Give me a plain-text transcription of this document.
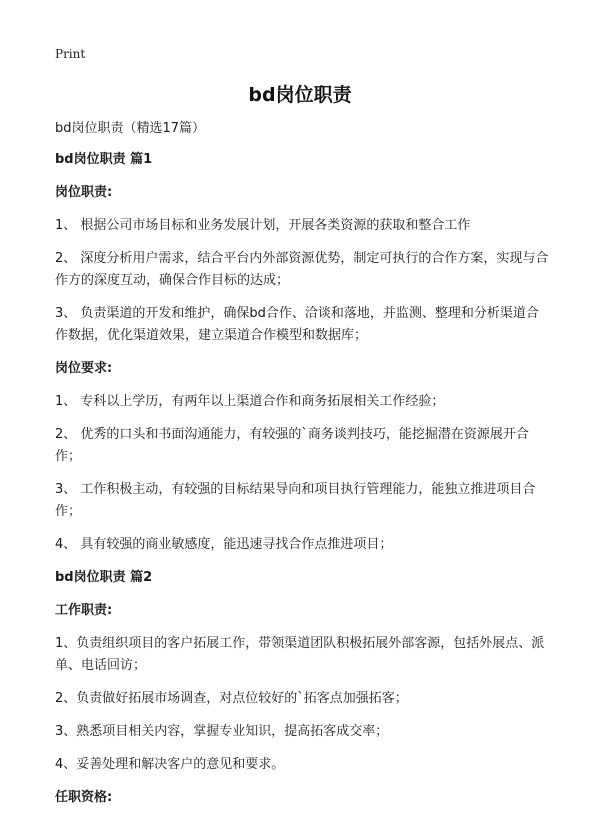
Print
bd岗位职责

bd岗位职责（精选17篇）

bd岗位职责 篇1

岗位职责:

1、 根据公司市场目标和业务发展计划，开展各类资源的获取和整合工作

2、 深度分析用户需求，结合平台内外部资源优势，制定可执行的合作方案，实现与合作方的深度互动，确保合作目标的达成；

3、 负责渠道的开发和维护，确保bd合作、洽谈和落地，并监测、整理和分析渠道合作数据，优化渠道效果，建立渠道合作模型和数据库；

岗位要求:

1、 专科以上学历，有两年以上渠道合作和商务拓展相关工作经验；

2、 优秀的口头和书面沟通能力，有较强的`商务谈判技巧，能挖掘潜在资源展开合作；

3、 工作积极主动，有较强的目标结果导向和项目执行管理能力，能独立推进项目合作；

4、 具有较强的商业敏感度，能迅速寻找合作点推进项目；

bd岗位职责 篇2

工作职责:

1、负责组织项目的客户拓展工作，带领渠道团队积极拓展外部客源，包括外展点、派单、电话回访；

2、负责做好拓展市场调查，对点位较好的`拓客点加强拓客；

3、熟悉项目相关内容，掌握专业知识，提高拓客成交率；

4、妥善处理和解决客户的意见和要求。

任职资格:
